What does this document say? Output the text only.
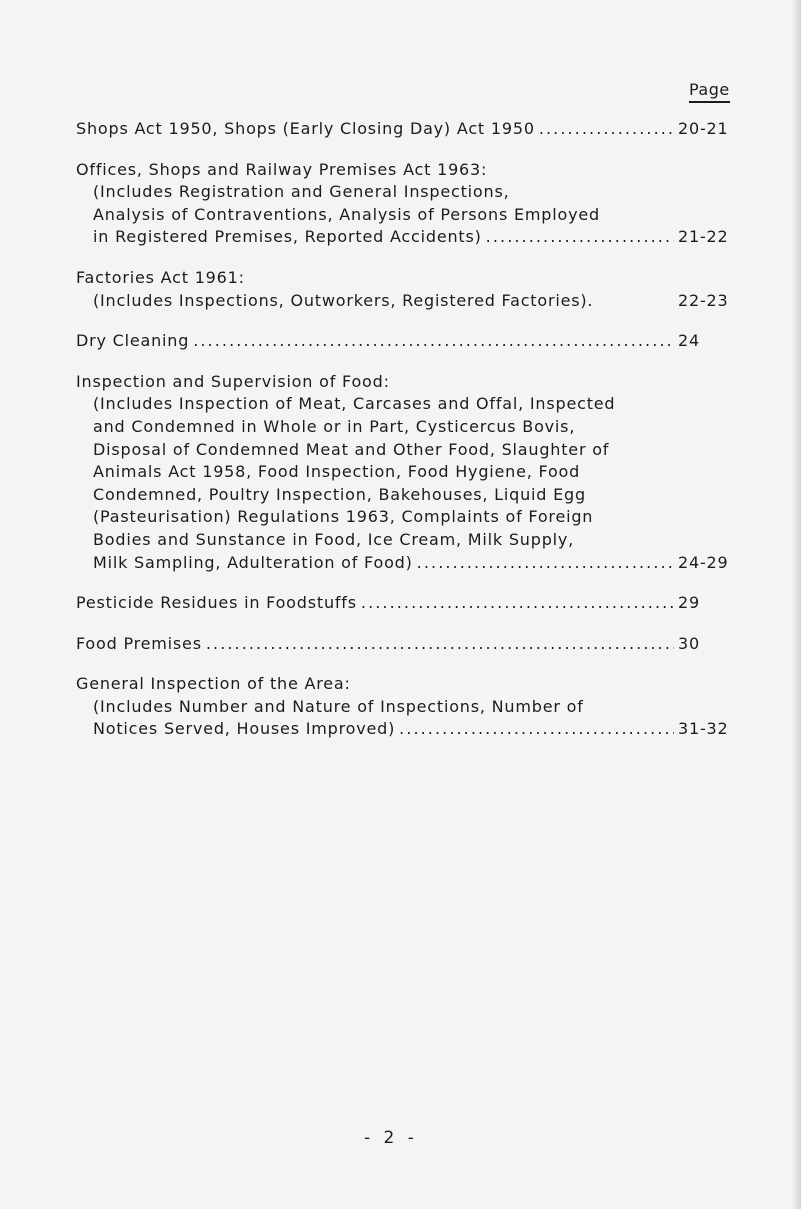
Page
Shops Act 1950, Shops (Early Closing Day) Act 1950 . . .	20-21
Offices, Shops and Railway Premises Act 1963:
(Includes Registration and General Inspections,
Analysis of Contraventions, Analysis of Persons Employed
in Registered Premises, Reported Accidents) . . .	21-22
Factories Act 1961:
(Includes Inspections, Outworkers, Registered Factories).	22-23
Dry Cleaning . . .	24
Inspection and Supervision of Food:
(Includes Inspection of Meat, Carcases and Offal, Inspected
and Condemned in Whole or in Part, Cysticercus Bovis,
Disposal of Condemned Meat and Other Food, Slaughter of
Animals Act 1958, Food Inspection, Food Hygiene, Food
Condemned, Poultry Inspection, Bakehouses, Liquid Egg
(Pasteurisation) Regulations 1963, Complaints of Foreign
Bodies and Sunstance in Food, Ice Cream, Milk Supply,
Milk Sampling, Adulteration of Food) . . .	24-29
Pesticide Residues in Foodstuffs . . .	29
Food Premises . . .	30
General Inspection of the Area:
(Includes Number and Nature of Inspections, Number of
Notices Served, Houses Improved) . . .	31-32
- 2 -
